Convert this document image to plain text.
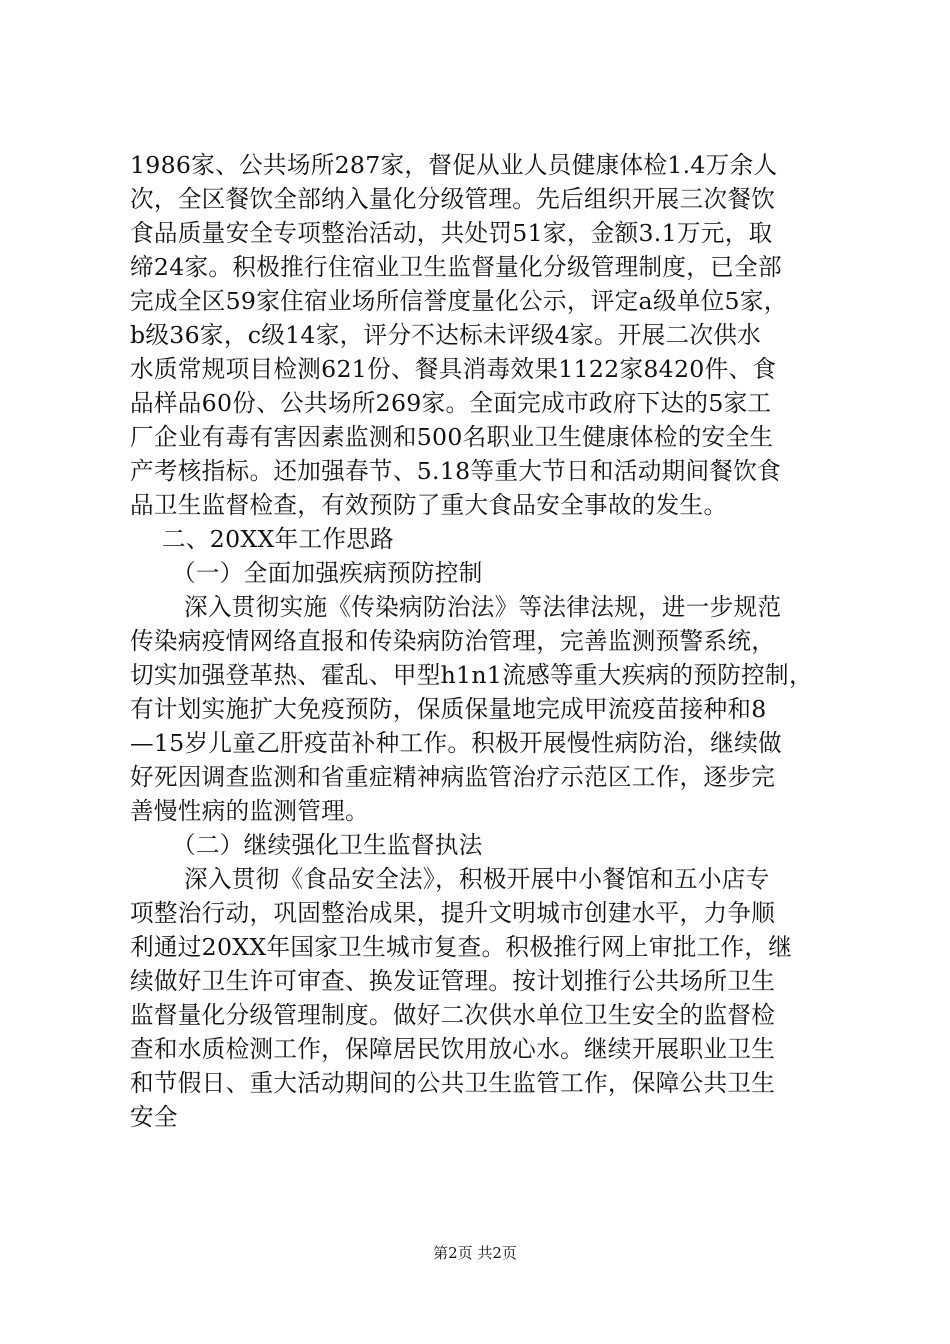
1986家、公共场所287家，督促从业人员健康体检1.4万余人
次，全区餐饮全部纳入量化分级管理。先后组织开展三次餐饮
食品质量安全专项整治活动，共处罚51家，金额3.1万元，取
缔24家。积极推行住宿业卫生监督量化分级管理制度，已全部
完成全区59家住宿业场所信誉度量化公示，评定a级单位5家，
b级36家，c级14家，评分不达标未评级4家。开展二次供水
水质常规项目检测621份、餐具消毒效果1122家8420件、食
品样品60份、公共场所269家。全面完成市政府下达的5家工
厂企业有毒有害因素监测和500名职业卫生健康体检的安全生
产考核指标。还加强春节、5.18等重大节日和活动期间餐饮食
品卫生监督检查，有效预防了重大食品安全事故的发生。
二、20XX年工作思路
（一）全面加强疾病预防控制
深入贯彻实施《传染病防治法》等法律法规，进一步规范
传染病疫情网络直报和传染病防治管理，完善监测预警系统，
切实加强登革热、霍乱、甲型h1n1流感等重大疾病的预防控制，
有计划实施扩大免疫预防，保质保量地完成甲流疫苗接种和8
—15岁儿童乙肝疫苗补种工作。积极开展慢性病防治，继续做
好死因调查监测和省重症精神病监管治疗示范区工作，逐步完
善慢性病的监测管理。
（二）继续强化卫生监督执法
深入贯彻《食品安全法》，积极开展中小餐馆和五小店专
项整治行动，巩固整治成果，提升文明城市创建水平，力争顺
利通过20XX年国家卫生城市复查。积极推行网上审批工作，继
续做好卫生许可审查、换发证管理。按计划推行公共场所卫生
监督量化分级管理制度。做好二次供水单位卫生安全的监督检
查和水质检测工作，保障居民饮用放心水。继续开展职业卫生
和节假日、重大活动期间的公共卫生监管工作，保障公共卫生
安全
第2页 共2页
